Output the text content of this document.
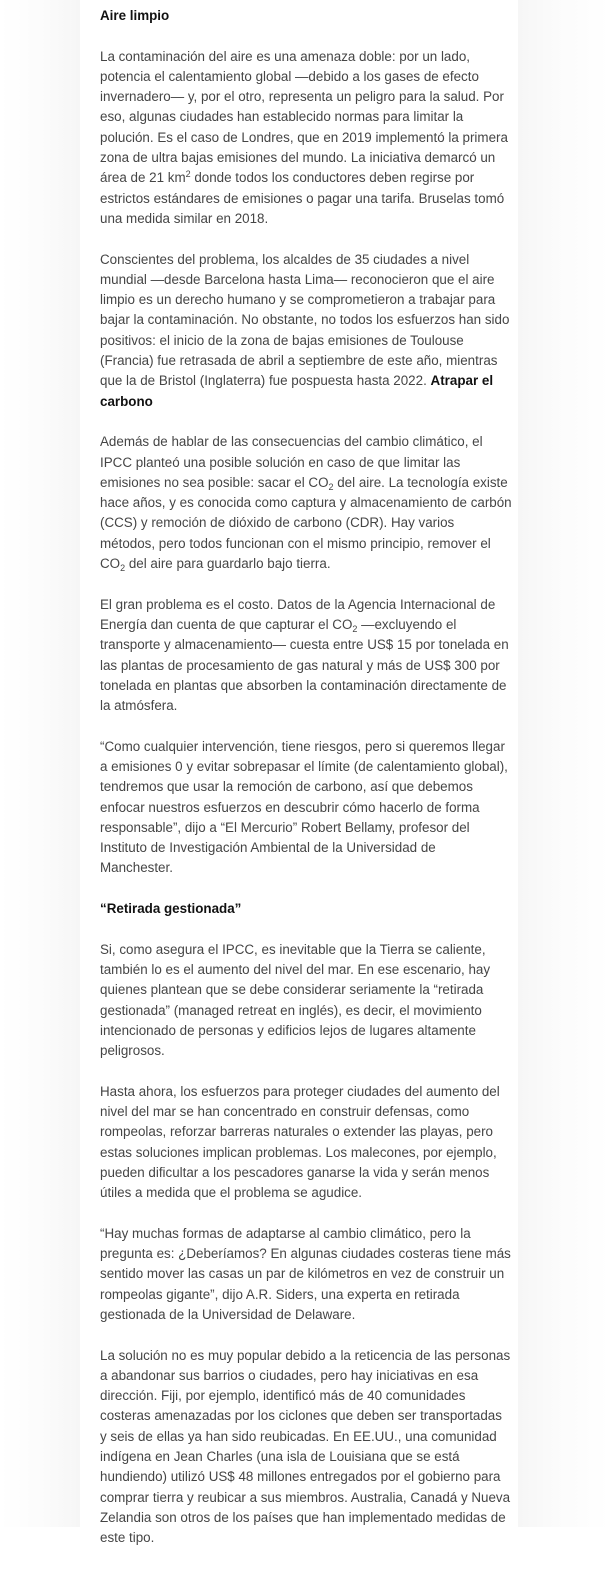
Aire limpio

La contaminación del aire es una amenaza doble: por un lado, potencia el calentamiento global —debido a los gases de efecto invernadero— y, por el otro, representa un peligro para la salud. Por eso, algunas ciudades han establecido normas para limitar la polución. Es el caso de Londres, que en 2019 implementó la primera zona de ultra bajas emisiones del mundo. La iniciativa demarcó un área de 21 $km^2$ donde todos los conductores deben regirse por estrictos estándares de emisiones o pagar una tarifa. Bruselas tomó una medida similar en 2018.

Conscientes del problema, los alcaldes de 35 ciudades a nivel mundial —desde Barcelona hasta Lima— reconocieron que el aire limpio es un derecho humano y se comprometieron a trabajar para bajar la contaminación. No obstante, no todos los esfuerzos han sido positivos: el inicio de la zona de bajas emisiones de Toulouse (Francia) fue retrasada de abril a septiembre de este año, mientras que la de Bristol (Inglaterra) fue pospuesta hasta 2022. Atrapar el carbono

Además de hablar de las consecuencias del cambio climático, el IPCC planteó una posible solución en caso de que limitar las emisiones no sea posible: sacar el $CO_2$ del aire. La tecnología existe hace años, y es conocida como captura y almacenamiento de carbón (CCS) y remoción de dióxido de carbono (CDR). Hay varios métodos, pero todos funcionan con el mismo principio, remover el $CO_2$ del aire para guardarlo bajo tierra.

El gran problema es el costo. Datos de la Agencia Internacional de Energía dan cuenta de que capturar el $CO_2$ —excluyendo el transporte y almacenamiento— cuesta entre US$ 15 por tonelada en las plantas de procesamiento de gas natural y más de US$ 300 por tonelada en plantas que absorben la contaminación directamente de la atmósfera.

“Como cualquier intervención, tiene riesgos, pero si queremos llegar a emisiones 0 y evitar sobrepasar el límite (de calentamiento global), tendremos que usar la remoción de carbono, así que debemos enfocar nuestros esfuerzos en descubrir cómo hacerlo de forma responsable”, dijo a “El Mercurio” Robert Bellamy, profesor del Instituto de Investigación Ambiental de la Universidad de Manchester.

“Retirada gestionada”

Si, como asegura el IPCC, es inevitable que la Tierra se caliente, también lo es el aumento del nivel del mar. En ese escenario, hay quienes plantean que se debe considerar seriamente la “retirada gestionada” (managed retreat en inglés), es decir, el movimiento intencionado de personas y edificios lejos de lugares altamente peligrosos.

Hasta ahora, los esfuerzos para proteger ciudades del aumento del nivel del mar se han concentrado en construir defensas, como rompeolas, reforzar barreras naturales o extender las playas, pero estas soluciones implican problemas. Los malecones, por ejemplo, pueden dificultar a los pescadores ganarse la vida y serán menos útiles a medida que el problema se agudice.

“Hay muchas formas de adaptarse al cambio climático, pero la pregunta es: ¿Deberíamos? En algunas ciudades costeras tiene más sentido mover las casas un par de kilómetros en vez de construir un rompeolas gigante”, dijo A.R. Siders, una experta en retirada gestionada de la Universidad de Delaware.

La solución no es muy popular debido a la reticencia de las personas a abandonar sus barrios o ciudades, pero hay iniciativas en esa dirección. Fiji, por ejemplo, identificó más de 40 comunidades costeras amenazadas por los ciclones que deben ser transportadas y seis de ellas ya han sido reubicadas. En EE.UU., una comunidad indígena en Jean Charles (una isla de Louisiana que se está hundiendo) utilizó US$ 48 millones entregados por el gobierno para comprar tierra y reubicar a sus miembros. Australia, Canadá y Nueva Zelandia son otros de los países que han implementado medidas de este tipo.
